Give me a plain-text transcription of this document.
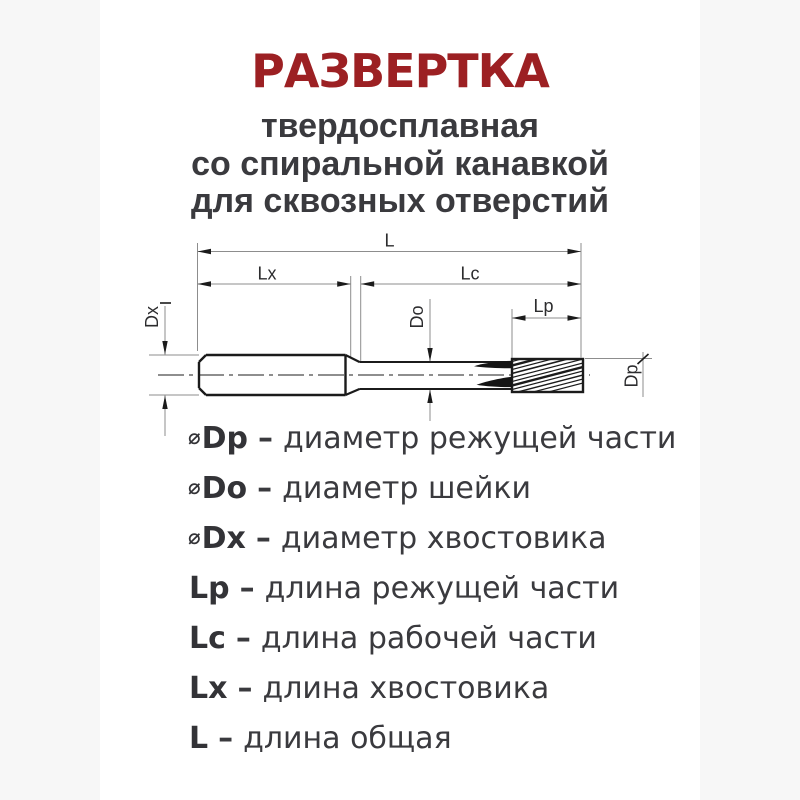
РАЗВЕРТКА
твердосплавная
со спиральной канавкой
для сквозных отверстий
L
Lx	Lc
Lp
Dx	Do
Dp
⌀ Dp – диаметр режущей части
⌀ Do – диаметр шейки
⌀ Dx – диаметр хвостовика
Lp – длина режущей части
Lc – длина рабочей части
Lx – длина хвостовика
L – длина общая
